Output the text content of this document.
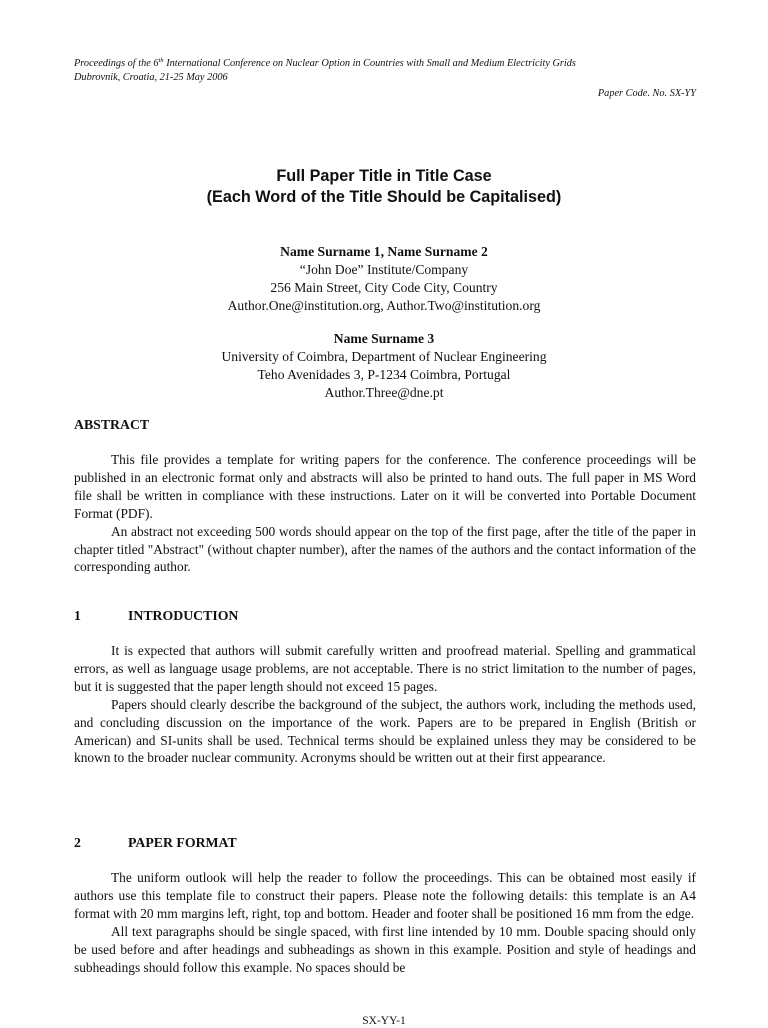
Proceedings of the 6th International Conference on Nuclear Option in Countries with Small and Medium Electricity Grids
Dubrovnik, Croatia, 21-25 May 2006
Paper Code. No. SX-YY
Full Paper Title in Title Case
(Each Word of the Title Should be Capitalised)
Name Surname 1, Name Surname 2
“John Doe” Institute/Company
256 Main Street, City Code City, Country
Author.One@institution.org, Author.Two@institution.org
Name Surname 3
University of Coimbra, Department of Nuclear Engineering
Teho Avenidades 3, P-1234 Coimbra, Portugal
Author.Three@dne.pt
ABSTRACT

This file provides a template for writing papers for the conference. The conference proceedings will be published in an electronic format only and abstracts will also be printed to hand outs. The full paper in MS Word file shall be written in compliance with these instructions. Later on it will be converted into Portable Document Format (PDF).

An abstract not exceeding 500 words should appear on the top of the first page, after the title of the paper in chapter titled "Abstract" (without chapter number), after the names of the authors and the contact information of the corresponding author.

1	INTRODUCTION

It is expected that authors will submit carefully written and proofread material. Spelling and grammatical errors, as well as language usage problems, are not acceptable. There is no strict limitation to the number of pages, but it is suggested that the paper length should not exceed 15 pages.

Papers should clearly describe the background of the subject, the authors work, including the methods used, and concluding discussion on the importance of the work. Papers are to be prepared in English (British or American) and SI-units shall be used. Technical terms should be explained unless they may be considered to be known to the broader nuclear community. Acronyms should be written out at their first appearance.

2	PAPER FORMAT

The uniform outlook will help the reader to follow the proceedings. This can be obtained most easily if authors use this template file to construct their papers. Please note the following details: this template is an A4 format with 20 mm margins left, right, top and bottom. Header and footer shall be positioned 16 mm from the edge.

All text paragraphs should be single spaced, with first line intended by 10 mm. Double spacing should only be used before and after headings and subheadings as shown in this example. Position and style of headings and subheadings should follow this example. No spaces should be

SX-YY-1
